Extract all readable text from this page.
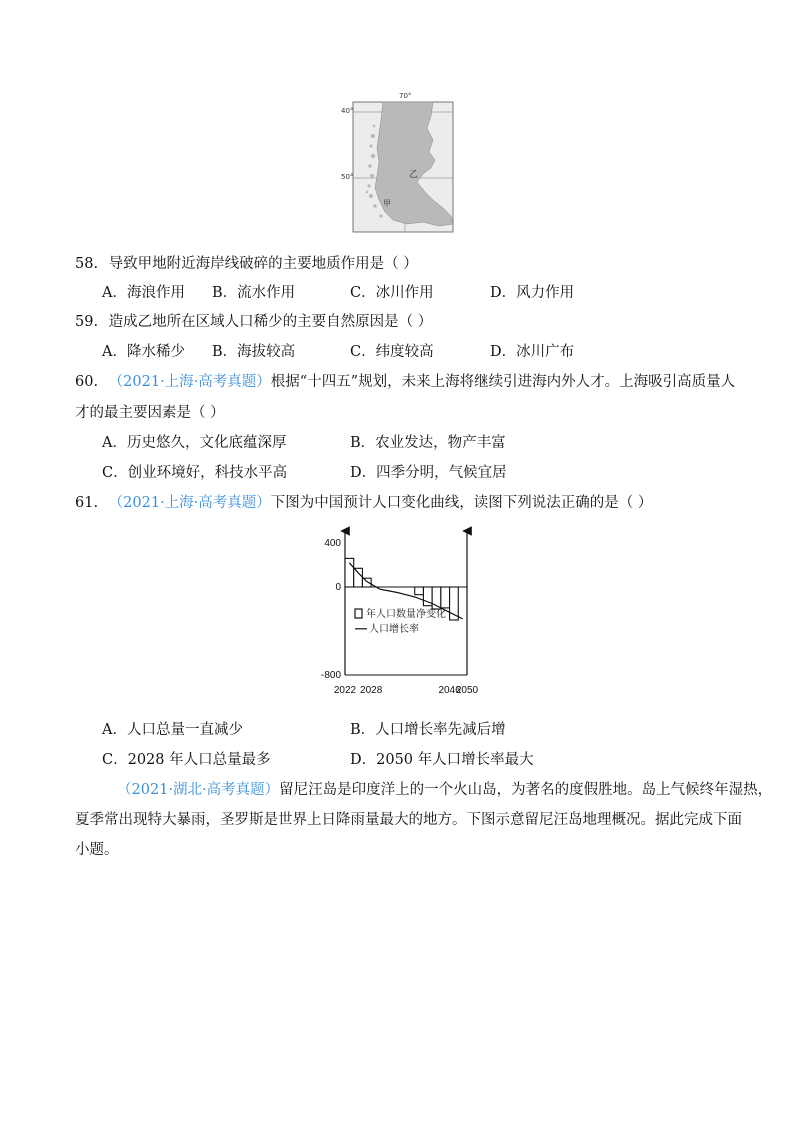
70°
40°
50°	乙
甲
58. 导致甲地附近海岸线破碎的主要地质作用是（ ）
A．海浪作用 B．流水作用	C．冰川作用	D．风力作用
59. 造成乙地所在区域人口稀少的主要自然原因是（ ）
A．降水稀少 B．海拔较高	C．纬度较高	D．冰川广布
60. （2021·上海·高考真题）根据“十四五”规划，未来上海将继续引进海内外人才。上海吸引高质量人
才的最主要因素是（ ）
A．历史悠久，文化底蕴深厚	B．农业发达，物产丰富
C．创业环境好，科技水平高	D．四季分明，气候宜居
61. （2021·上海·高考真题）下图为中国预计人口变化曲线，读图下列说法正确的是（ ）
400
0
-800
2022 2028	2046
2050
年人口数量净变化
人口增长率
A．人口总量一直减少	B．人口增长率先减后增
C．2028 年人口总量最多	D．2050 年人口增长率最大
（2021·湖北·高考真题）留尼汪岛是印度洋上的一个火山岛，为著名的度假胜地。岛上气候终年湿热，
夏季常出现特大暴雨，圣罗斯是世界上日降雨量最大的地方。下图示意留尼汪岛地理概况。据此完成下面
小题。
